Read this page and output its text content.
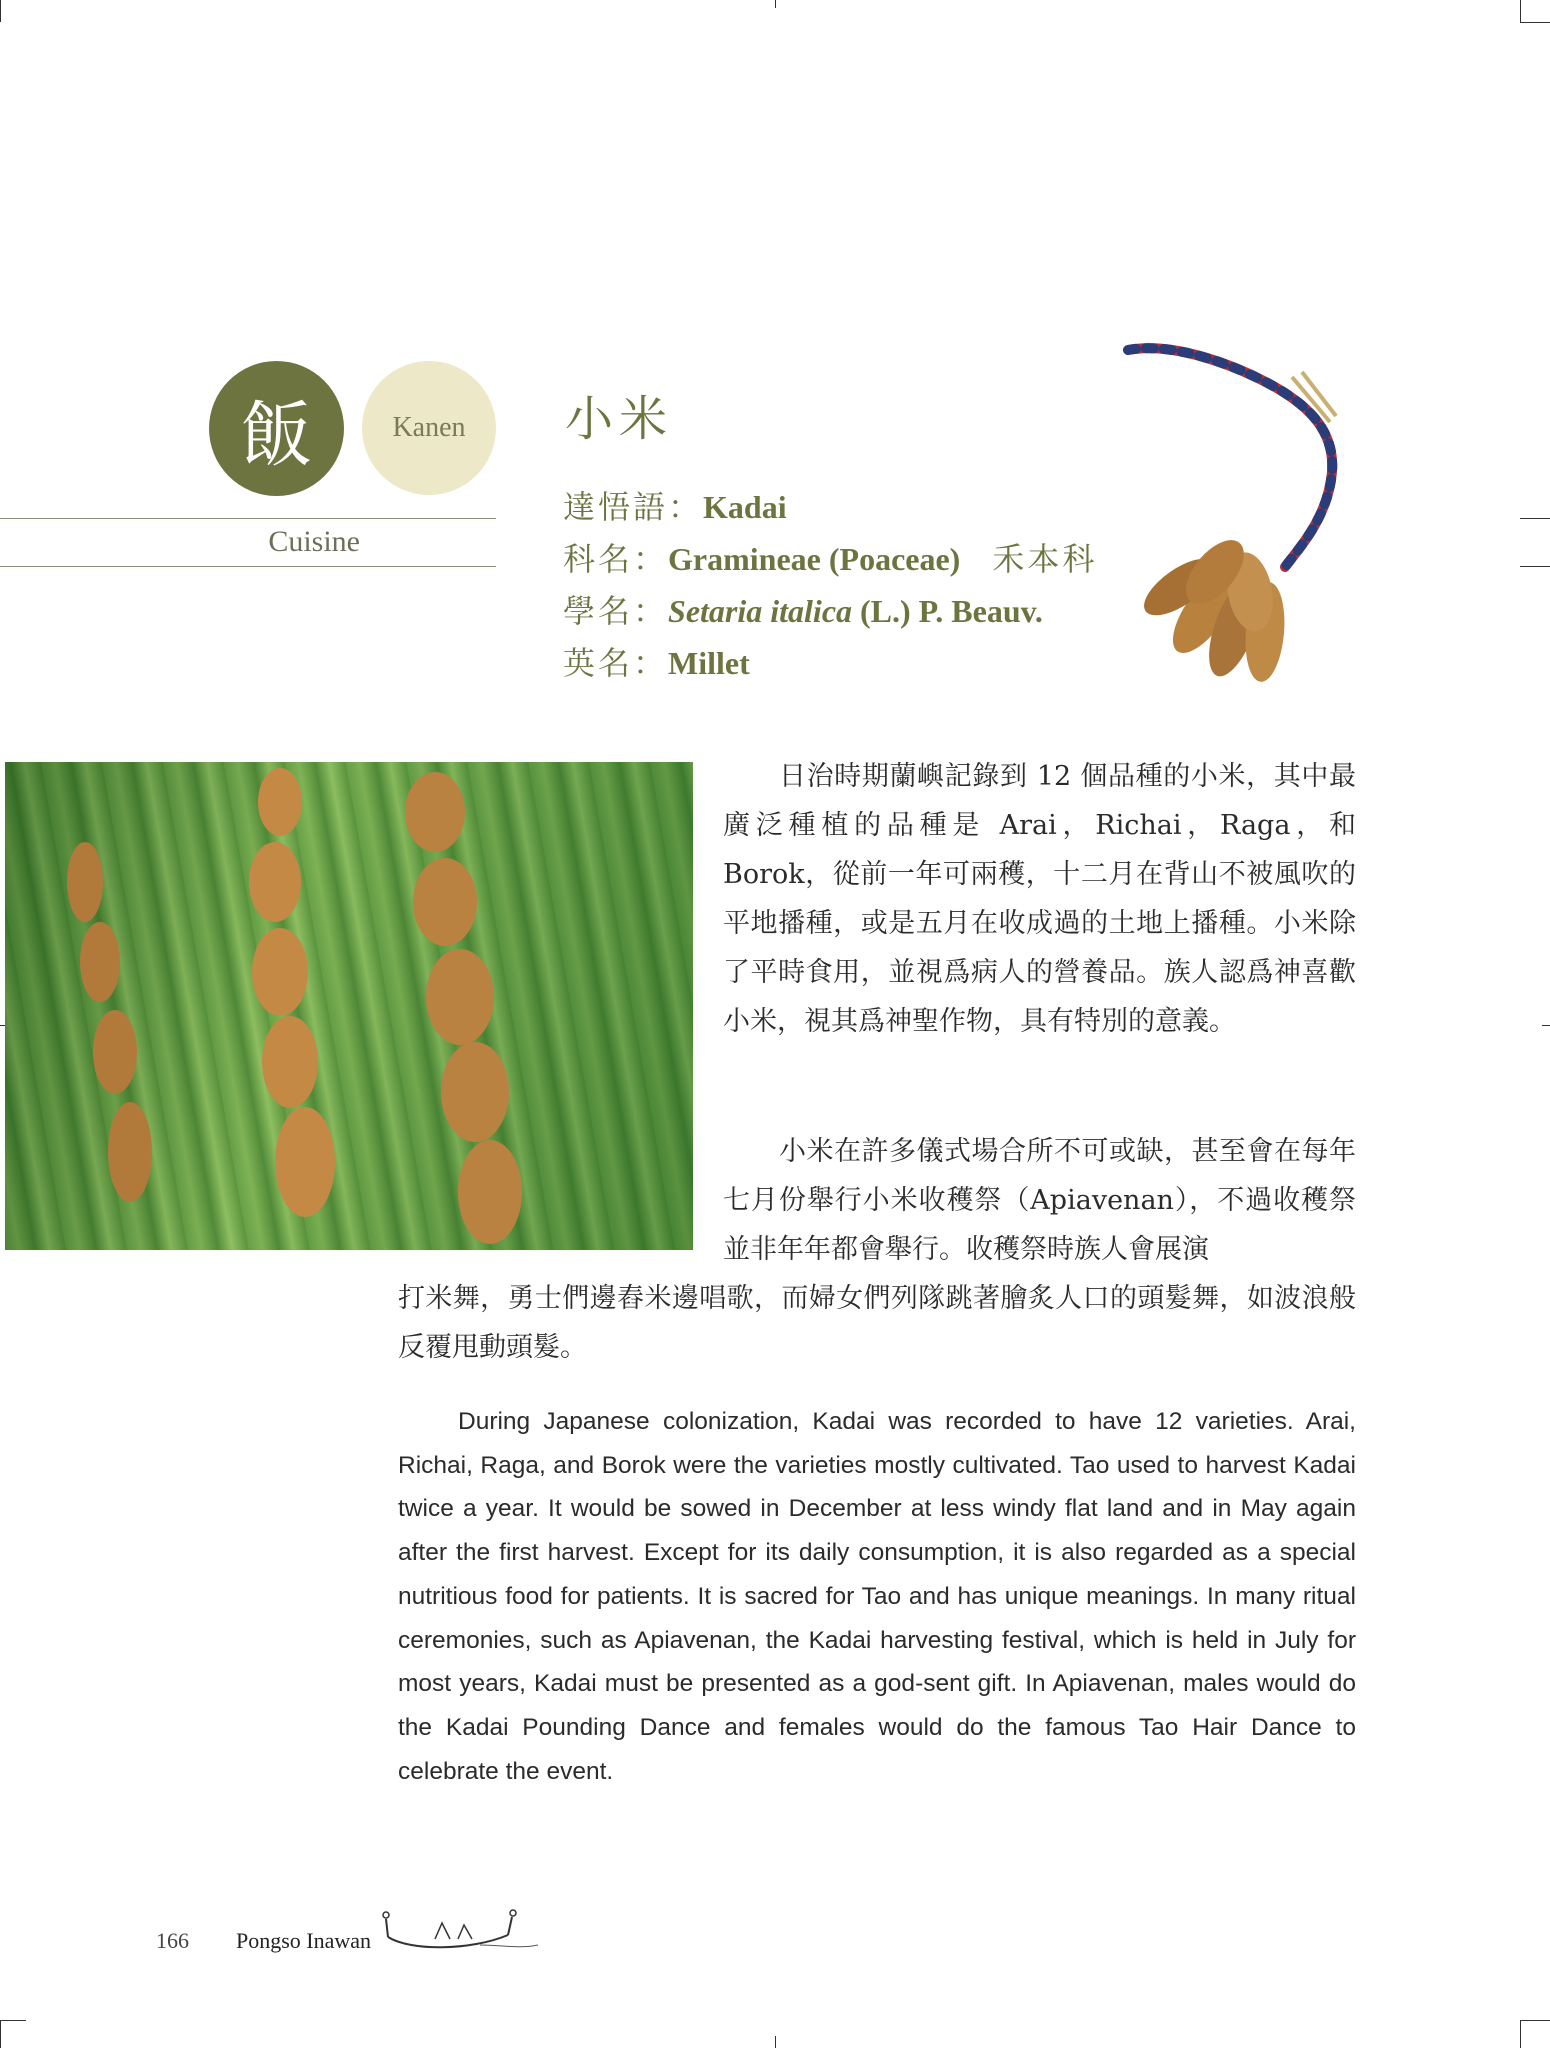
飯	Kanen
Cuisine
小米
達悟語：Kadai
科名：Gramineae (Poaceae) 禾本科
學名：Setaria italica (L.) P. Beauv.
英名：Millet
日治時期蘭嶼記錄到 12 個品種的小米，其中最廣泛種植的品種是 Arai，Richai，Raga，和 Borok，從前一年可兩穫，十二月在背山不被風吹的平地播種，或是五月在收成過的土地上播種。小米除了平時食用，並視爲病人的營養品。族人認爲神喜歡小米，視其爲神聖作物，具有特別的意義。
小米在許多儀式場合所不可或缺，甚至會在每年七月份舉行小米收穫祭（Apiavenan），不過收穫祭並非年年都會舉行。收穫祭時族人會展演
打米舞，勇士們邊舂米邊唱歌，而婦女們列隊跳著膾炙人口的頭髮舞，如波浪般反覆甩動頭髮。

During Japanese colonization, Kadai was recorded to have 12 varieties. Arai, Richai, Raga, and Borok were the varieties mostly cultivated. Tao used to harvest Kadai twice a year. It would be sowed in December at less windy flat land and in May again after the first harvest. Except for its daily consumption, it is also regarded as a special nutritious food for patients. It is sacred for Tao and has unique meanings. In many ritual ceremonies, such as Apiavenan, the Kadai harvesting festival, which is held in July for most years, Kadai must be presented as a god-sent gift. In Apiavenan, males would do the Kadai Pounding Dance and females would do the famous Tao Hair Dance to celebrate the event.

166 Pongso Inawan
